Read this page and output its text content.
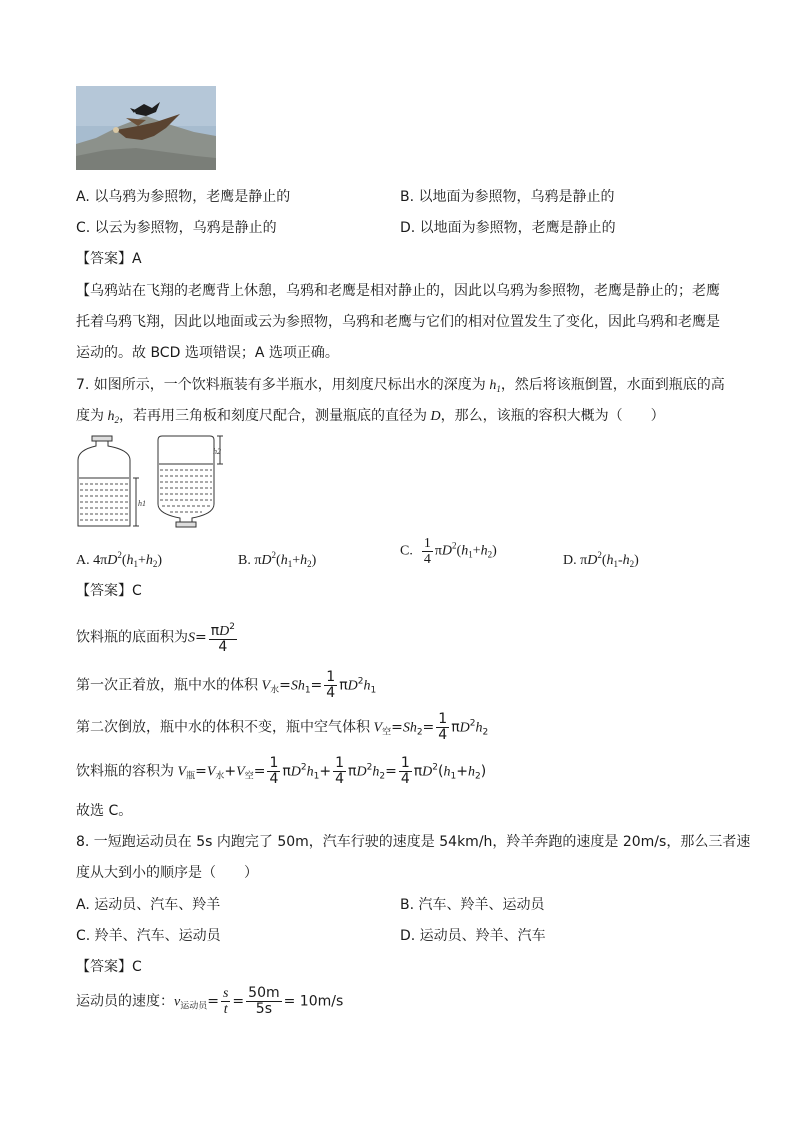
A. 以乌鸦为参照物，老鹰是静止的	B. 以地面为参照物，乌鸦是静止的
C. 以云为参照物，乌鸦是静止的	D. 以地面为参照物，老鹰是静止的
【答案】A
【乌鸦站在飞翔的老鹰背上休憩，乌鸦和老鹰是相对静止的，因此以乌鸦为参照物，老鹰是静止的；老鹰
托着乌鸦飞翔，因此以地面或云为参照物，乌鸦和老鹰与它们的相对位置发生了变化，因此乌鸦和老鹰是
运动的。故 BCD 选项错误；A 选项正确。
7. 如图所示，一个饮料瓶装有多半瓶水，用刻度尺标出水的深度为 $h_1$，然后将该瓶倒置，水面到瓶底的高
度为 $h_2$，若再用三角板和刻度尺配合，测量瓶底的直径为 D，那么，该瓶的容积大概为（　　）
h1
h2
A. $4\pi D^2(h_1+h_2)$	B. $\pi D^2(h_1+h_2)$
C. $\frac{1}{4} \pi D^2(h_1+h_2)$
D. $\pi D^2(h_1-h_2)$
【答案】C
饮料瓶的底面积为$S= \frac{\pi D^2}{4}$
第一次正着放，瓶中水的体积 $V_水=Sh_1= \frac{1}{4} \pi D^2h_1$
第二次倒放，瓶中水的体积不变，瓶中空气体积 $V_空=Sh_2= \frac{1}{4} \pi D^2h_2$
饮料瓶的容积为 $V_瓶=V_水+V_空= \frac{1}{4} \pi D^2h_1+ \frac{1}{4} \pi D^2h_2= \frac{1}{4} \pi D^2(h_1+h_2)$
故选 C。
8. 一短跑运动员在 5s 内跑完了 50m，汽车行驶的速度是 54km/h，羚羊奔跑的速度是 20m/s，那么三者速
度从大到小的顺序是（　　）
A. 运动员、汽车、羚羊	B. 汽车、羚羊、运动员
C. 羚羊、汽车、运动员	D. 运动员、羚羊、汽车
【答案】C
运动员的速度：$v_{运动员}= \frac{s}{t} = \frac{50m}{5s} = 10m/s$
